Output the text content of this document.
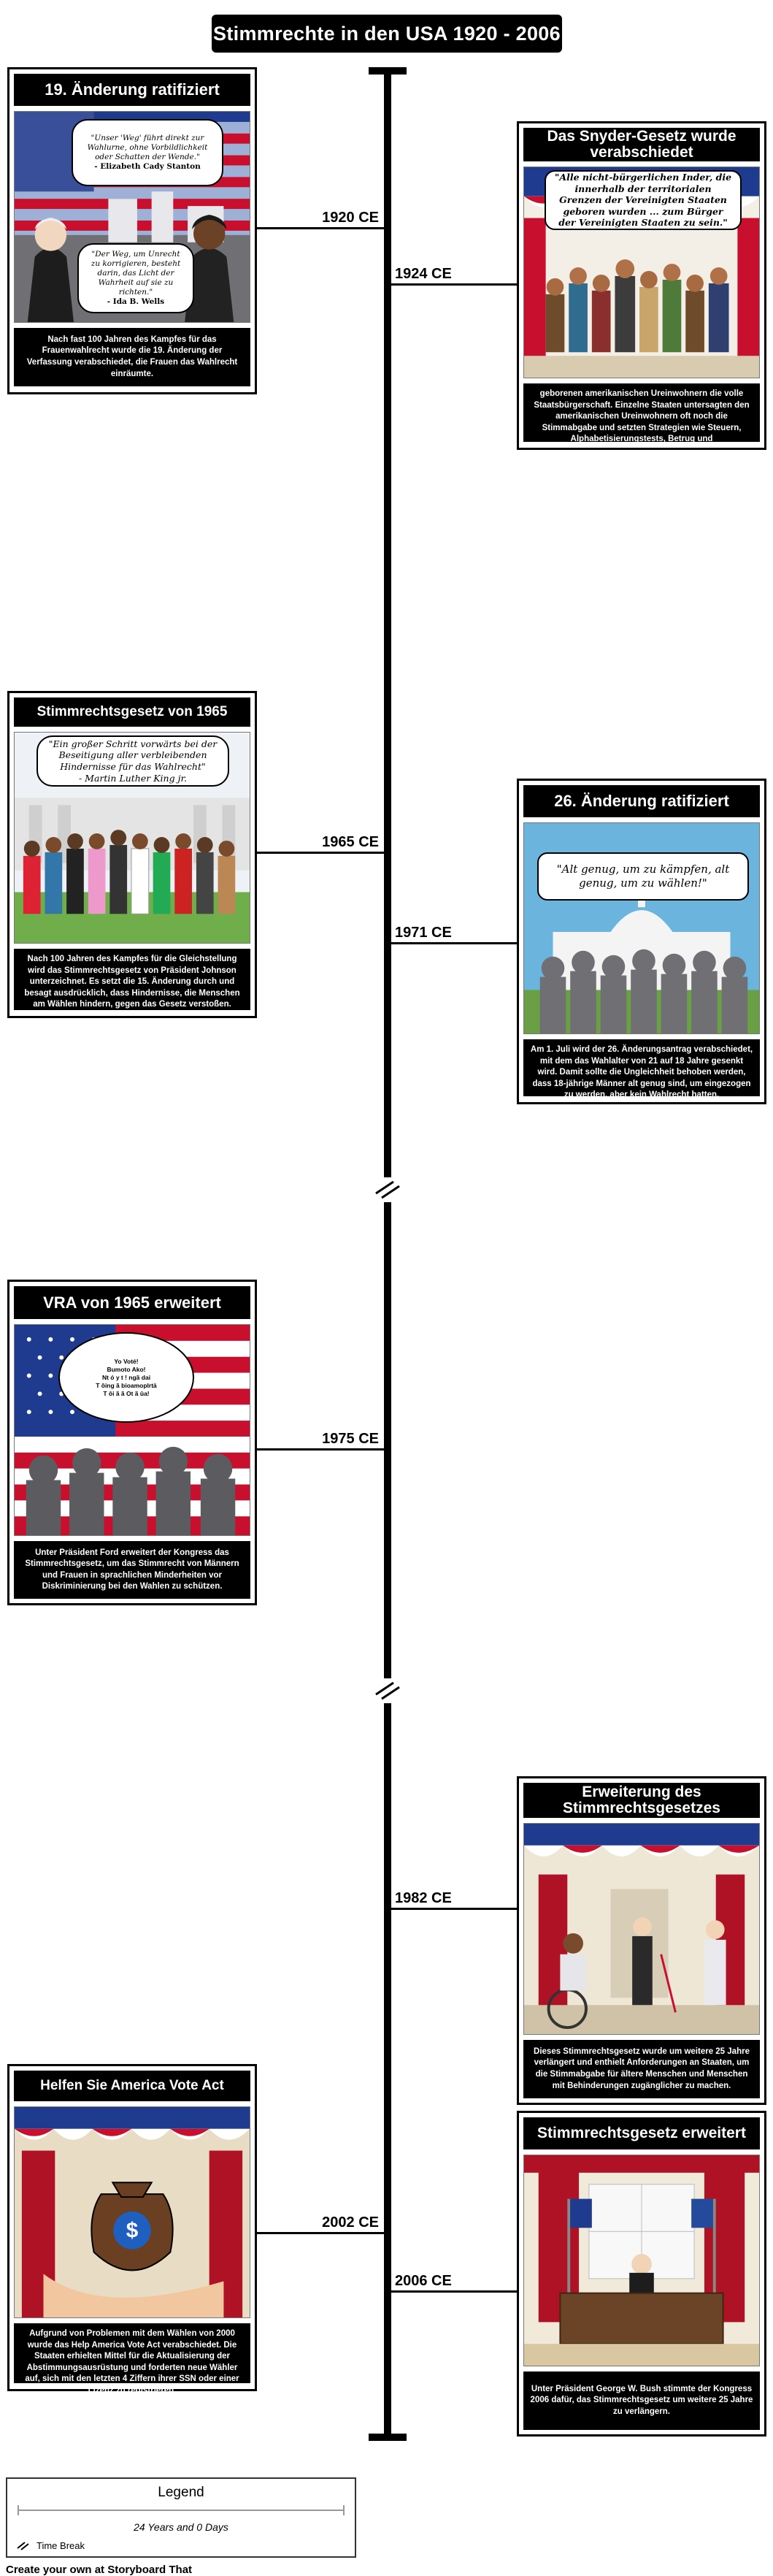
Stimmrechte in den USA 1920 - 2006
1920 CE
1924 CE
1965 CE
1971 CE
1975 CE
1982 CE
2002 CE
2006 CE
19. Änderung ratifiziert
"Unser 'Weg' führt direkt zur Wahlurne, ohne Vorbildlichkeit oder Schatten der Wende."
- Elizabeth Cady Stanton
"Der Weg, um Unrecht zu korrigieren, besteht darin, das Licht der Wahrheit auf sie zu richten."
- Ida B. Wells
Nach fast 100 Jahren des Kampfes für das Frauenwahlrecht wurde die 19. Änderung der Verfassung verabschiedet, die Frauen das Wahlrecht einräumte.
Das Snyder-Gesetz wurde verabschiedet
"Alle nicht-bürgerlichen Inder, die innerhalb der territorialen Grenzen der Vereinigten Staaten geboren wurden ... zum Bürger der Vereinigten Staaten zu sein."
geborenen amerikanischen Ureinwohnern die volle Staatsbürgerschaft. Einzelne Staaten untersagten den amerikanischen Ureinwohnern oft noch die Stimmabgabe und setzten Strategien wie Steuern, Alphabetisierungstests, Betrug und
Stimmrechtsgesetz von 1965
"Ein großer Schritt vorwärts bei der Beseitigung aller verbleibenden Hindernisse für das Wahlrecht"
- Martin Luther King jr.
Nach 100 Jahren des Kampfes für die Gleichstellung wird das Stimmrechtsgesetz von Präsident Johnson unterzeichnet. Es setzt die 15. Änderung durch und besagt ausdrücklich, dass Hindernisse, die Menschen am Wählen hindern, gegen das Gesetz verstoßen.
26. Änderung ratifiziert
"Alt genug, um zu kämpfen, alt genug, um zu wählen!"
Am 1. Juli wird der 26. Änderungsantrag verabschiedet, mit dem das Wahlalter von 21 auf 18 Jahre gesenkt wird. Damit sollte die Ungleichheit behoben werden, dass 18-jährige Männer alt genug sind, um eingezogen zu werden, aber kein Wahlrecht hatten.
VRA von 1965 erweitert
Yo Voté!
Bumoto Ako!
Nt ó y t ! ngã dai
T ôing ã bioamoplrtä
T ôi ã ã Ot ã ûa!
Unter Präsident Ford erweitert der Kongress das Stimmrechtsgesetz, um das Stimmrecht von Männern und Frauen in sprachlichen Minderheiten vor Diskriminierung bei den Wahlen zu schützen.
Erweiterung des Stimmrechtsgesetzes
Dieses Stimmrechtsgesetz wurde um weitere 25 Jahre verlängert und enthielt Anforderungen an Staaten, um die Stimmabgabe für ältere Menschen und Menschen mit Behinderungen zugänglicher zu machen.
Helfen Sie America Vote Act
$
Aufgrund von Problemen mit dem Wählen von 2000 wurde das Help America Vote Act verabschiedet. Die Staaten erhielten Mittel für die Aktualisierung der Abstimmungsausrüstung und forderten neue Wähler auf, sich mit den letzten 4 Ziffern ihrer SSN oder einer Lizenz zu registrieren.
Stimmrechtsgesetz erweitert
Unter Präsident George W. Bush stimmte der Kongress 2006 dafür, das Stimmrechtsgesetz um weitere 25 Jahre zu verlängern.
Legend
24 Years and 0 Days
Time Break
Create your own at Storyboard That
